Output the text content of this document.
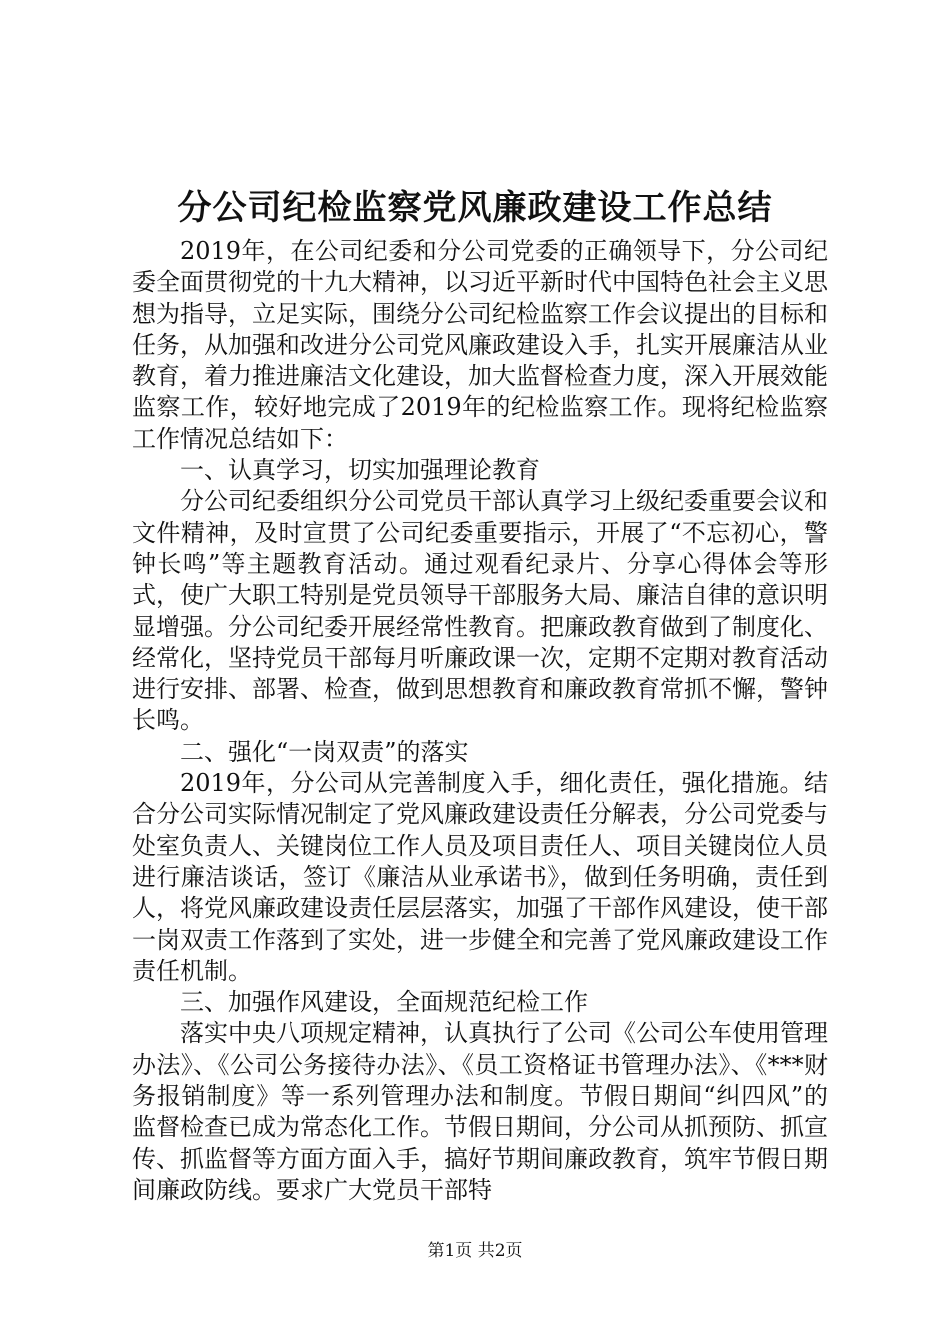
分公司纪检监察党风廉政建设工作总结

2019年，在公司纪委和分公司党委的正确领导下，分公司纪委全面贯彻党的十九大精神，以习近平新时代中国特色社会主义思想为指导，立足实际，围绕分公司纪检监察工作会议提出的目标和任务，从加强和改进分公司党风廉政建设入手，扎实开展廉洁从业教育，着力推进廉洁文化建设，加大监督检查力度，深入开展效能监察工作，较好地完成了2019年的纪检监察工作。现将纪检监察工作情况总结如下：

一、认真学习，切实加强理论教育

分公司纪委组织分公司党员干部认真学习上级纪委重要会议和文件精神，及时宣贯了公司纪委重要指示，开展了“不忘初心，警钟长鸣”等主题教育活动。通过观看纪录片、分享心得体会等形式，使广大职工特别是党员领导干部服务大局、廉洁自律的意识明显增强。分公司纪委开展经常性教育。把廉政教育做到了制度化、经常化，坚持党员干部每月听廉政课一次，定期不定期对教育活动进行安排、部署、检查，做到思想教育和廉政教育常抓不懈，警钟长鸣。

二、强化“一岗双责”的落实

2019年，分公司从完善制度入手，细化责任，强化措施。结合分公司实际情况制定了党风廉政建设责任分解表，分公司党委与处室负责人、关键岗位工作人员及项目责任人、项目关键岗位人员进行廉洁谈话，签订《廉洁从业承诺书》，做到任务明确，责任到人，将党风廉政建设责任层层落实，加强了干部作风建设，使干部一岗双责工作落到了实处，进一步健全和完善了党风廉政建设工作责任机制。

三、加强作风建设，全面规范纪检工作

落实中央八项规定精神，认真执行了公司《公司公车使用管理办法》、《公司公务接待办法》、《员工资格证书管理办法》、《***财务报销制度》等一系列管理办法和制度。节假日期间“纠四风”的监督检查已成为常态化工作。节假日期间，分公司从抓预防、抓宣传、抓监督等方面方面入手，搞好节期间廉政教育，筑牢节假日期间廉政防线。要求广大党员干部特

第1页 共2页
